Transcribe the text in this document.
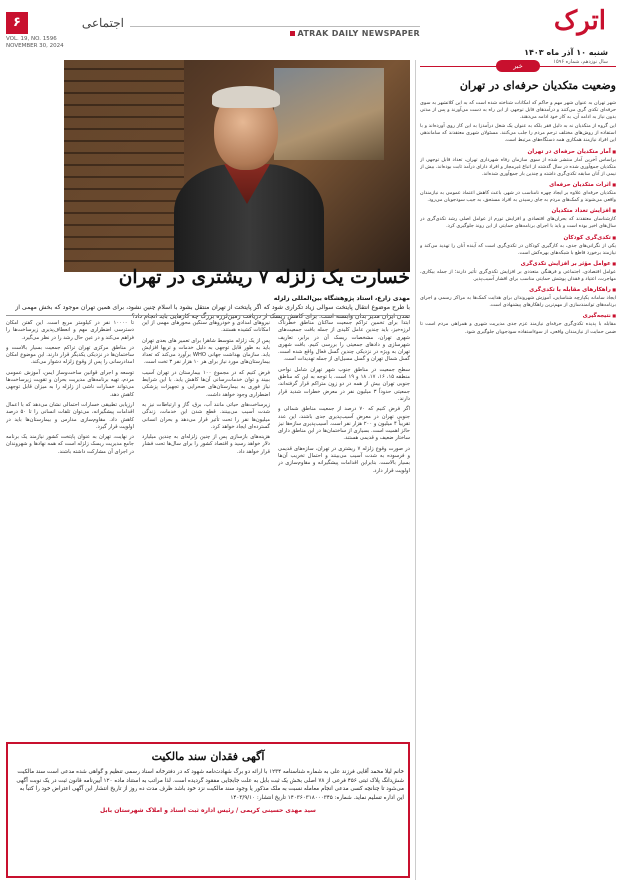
۶	اجتماعی
VOL. 19, NO. 1596
NOVEMBER 30, 2024
ATRAK DAILY NEWSPAPER	اترک
شنبه ۱۰ آذر ماه ۱۴۰۳
سال نوزدهم، شماره ۱۵۹۶
خسارت یک زلزله ۷ ریشتری در تهران
مهدی زارع، استاد پژوهشگاه بین‌المللی زلزله
با طرح موضوع انتقال پایتخت سوالی زیاد تکراری شود که اگر پایتخت از تهران منتقل بشود با اسلام چنین نشود، برای همین تهران موجود که بخش مهمی از تمدن ایران مدیر بدان وابسته است. برای کاهش ریسک از دریافت زمین‌لرزه بزرگ چه کارهایی باید انجام داد؟

ابتدا برای تخمین تراکم جمعیت ساکنان مناطق خطرناک لرزه‌خیز، باید چندین عامل کلیدی از جمله بافت جمعیت‌های شهری تهران، مشخصات ریسک آن در برابر، تعاریف شهرسازی و دادهای جمعیتی را بررسی کنیم. بافت شهری تهران به ویژه در نزدیکی چندین گسل فعال واقع شده است. گسل شمال تهران و گسل مسیل‌ای از جمله تهدیدات است.

سطح جمعیت در مناطق جنوب شهر تهران شامل نواحی منطقه ۱۵، ۱۶، ۱۷، ۱۸ و ۱۹ است. با توجه به این که مناطق جنوبی تهران بیش از همه در دو زون متراکم قرار گرفته‌اند، جمعیتی حدوداً ۳ میلیون نفر در معرض خطرات شدید قرار دارند.

اگر فرض کنیم که ۷۰ درصد از جمعیت مناطق شمالی و جنوبی تهران در معرض آسیب‌پذیری جدی باشند، این عدد تقریباً ۴ میلیون و ۲۰۰ هزار نفر است. آسیب‌پذیری سازه‌ها نیز حائز اهمیت است. بسیاری از ساختمان‌ها در این مناطق دارای ساختار ضعیف و قدیمی هستند.

در صورت وقوع زلزله ۷ ریشتری در تهران، سازه‌های قدیمی و فرسوده به شدت آسیب می‌بینند و احتمال تخریب آن‌ها بسیار بالاست. بنابراین اقدامات پیشگیرانه و مقاوم‌سازی در اولویت قرار دارد.

نیروهای امدادی و خودروهای سنگین محورهای مهمی از این امکانات کشیده هستند.

پس از یک زلزله متوسط شاهرا برای تعمیر های بعدی تهران باید به طور قابل توجهی به دلیل خدمات و تریها افزایش یابد. سازمان بهداشت جهانی WHO برآورد می‌کند که تعداد بیمارستان‌های مورد نیاز برای هر ۱۰ هزار نفر ۳ تخت است.

فرض کنیم که در مجموع ۱۰۰ بیمارستان در تهران آسیب ببیند و توان خدمات‌رسانی آن‌ها کاهش یابد. با این شرایط نیاز فوری به بیمارستان‌های صحرایی و تجهیزات پزشکی اضطراری وجود خواهد داشت.

زیرساخت‌های حیاتی مانند آب، برق، گاز و ارتباطات نیز به شدت آسیب می‌بینند. قطع شدن این خدمات، زندگی میلیون‌ها نفر را تحت تأثیر قرار می‌دهد و بحران انسانی گسترده‌ای ایجاد خواهد کرد.

هزینه‌های بازسازی پس از چنین زلزله‌ای به چندین میلیارد دلار خواهد رسید و اقتصاد کشور را برای سال‌ها تحت فشار قرار خواهد داد.

تا ۱۰۰۰۰ نفر در کیلومتر مربع است. این گفتن امکان دسترسی اضطراری مهم و انعطاف‌پذیری زیرساخت‌ها را فراهم می‌کند و در عین حال رشد را در نظر می‌گیرد.

در مناطق مرکزی تهران تراکم جمعیت بسیار بالاست و ساختمان‌ها در نزدیکی یکدیگر قرار دارند. این موضوع امکان امدادرسانی را پس از وقوع زلزله دشوار می‌کند.

توسعه و اجرای قوانین ساخت‌وساز ایمن، آموزش عمومی مردم، تهیه برنامه‌های مدیریت بحران و تقویت زیرساخت‌ها می‌تواند خسارات ناشی از زلزله را به میزان قابل توجهی کاهش دهد.

ارزیابی تطبیقی خسارات احتمالی نشان می‌دهد که با اعمال اقدامات پیشگیرانه، می‌توان تلفات انسانی را تا ۵۰ درصد کاهش داد. مقاوم‌سازی مدارس و بیمارستان‌ها باید در اولویت قرار گیرد.

در نهایت، تهران به عنوان پایتخت کشور نیازمند یک برنامه جامع مدیریت ریسک زلزله است که همه نهادها و شهروندان در اجرای آن مشارکت داشته باشند.

آگهی فقدان سند مالکیت
خانم لیلا محمد آقایی فرزند علی به شماره شناسنامه ۱۲۳۴ با ارائه دو برگ شهادت‌نامه شهود که در دفترخانه اسناد رسمی تنظیم و گواهی شده مدعی است سند مالکیت شش‌دانگ پلاک ثبتی ۴۵۶ فرعی از ۷۸ اصلی بخش یک ثبت بابل به علت جابجایی مفقود گردیده است. لذا مراتب به استناد ماده ۱۲۰ آیین‌نامه قانون ثبت در یک نوبت آگهی می‌شود تا چنانچه کسی مدعی انجام معامله نسبت به ملک مذکور یا وجود سند مالکیت نزد خود باشد ظرف مدت ده روز از تاریخ انتشار این آگهی اعتراض خود را کتباً به این اداره تسلیم نماید. شماره: ۱۴۰۳۶۰۳۱۸۰۰۰۳۴۵ تاریخ انتشار: ۱۴۰۳/۹/۱۰
سید مهدی حسینی کریمی / رئیس اداره ثبت اسناد و املاک شهرستان بابل
خبر
وضعیت متکدیان حرفه‌ای در تهران

شهر تهران به عنوان شهر مهم و حاکم که امکانات شناخته شده است که به این کلانشهر به سوی حرفه‌ای تکدی گری می‌کنند و درآمدهای قابل توجهی از این راه به دست می‌آورند و پس از مدتی بدون نیاز به ادامه آن، به کار خود ادامه می‌دهند.

این گروه از متکدیان نه به دلیل فقر بلکه به عنوان یک شغل درآمدزا به این کار روی آورده‌اند و با استفاده از روش‌های مختلف ترحم مردم را جلب می‌کنند. مسئولان شهری معتقدند که ساماندهی این افراد نیازمند همکاری همه دستگاه‌های مرتبط است.

■ آمار متکدیان حرفه‌ای در تهران

براساس آخرین آمار منتشر شده از سوی سازمان رفاه شهرداری تهران، تعداد قابل توجهی از متکدیان جمع‌آوری شده در سال گذشته از اتباع غیرمجاز و افراد دارای درآمد ثابت بوده‌اند. بیش از نیمی از آنان سابقه تکدی‌گری داشته و چندین بار جمع‌آوری شده‌اند.

■ اثرات متکدیان حرفه‌ای

متکدیان حرفه‌ای علاوه بر ایجاد چهره نامناسب در شهر، باعث کاهش اعتماد عمومی به نیازمندان واقعی می‌شوند و کمک‌های مردم به جای رسیدن به افراد مستحق، به جیب سودجویان می‌رود.

■ افزایش تعداد متکدیان

کارشناسان معتقدند که بحران‌های اقتصادی و افزایش تورم از عوامل اصلی رشد تکدی‌گری در سال‌های اخیر بوده است و باید با اجرای برنامه‌های حمایتی از این روند جلوگیری کرد.

■ تکدی‌گری کودکان

یکی از نگرانی‌های جدی، به کارگیری کودکان در تکدی‌گری است که آینده آنان را تهدید می‌کند و نیازمند برخورد قاطع با شبکه‌های بهره‌کش است.

■ عوامل مؤثر بر افزایش تکدی‌گری

عوامل اقتصادی، اجتماعی و فرهنگی متعددی بر افزایش تکدی‌گری تأثیر دارند؛ از جمله بیکاری، مهاجرت، اعتیاد و فقدان پوشش حمایتی مناسب برای اقشار آسیب‌پذیر.

■ راهکارهای مقابله با تکدی‌گری

ایجاد سامانه یکپارچه شناسایی، آموزش شهروندان برای هدایت کمک‌ها به مراکز رسمی و اجرای برنامه‌های توانمندسازی از مهم‌ترین راهکارهای پیشنهادی است.

■ نتیجه‌گیری

مقابله با پدیده تکدی‌گری حرفه‌ای نیازمند عزم جدی مدیریت شهری و همراهی مردم است تا ضمن حمایت از نیازمندان واقعی، از سوءاستفاده سودجویان جلوگیری شود.
